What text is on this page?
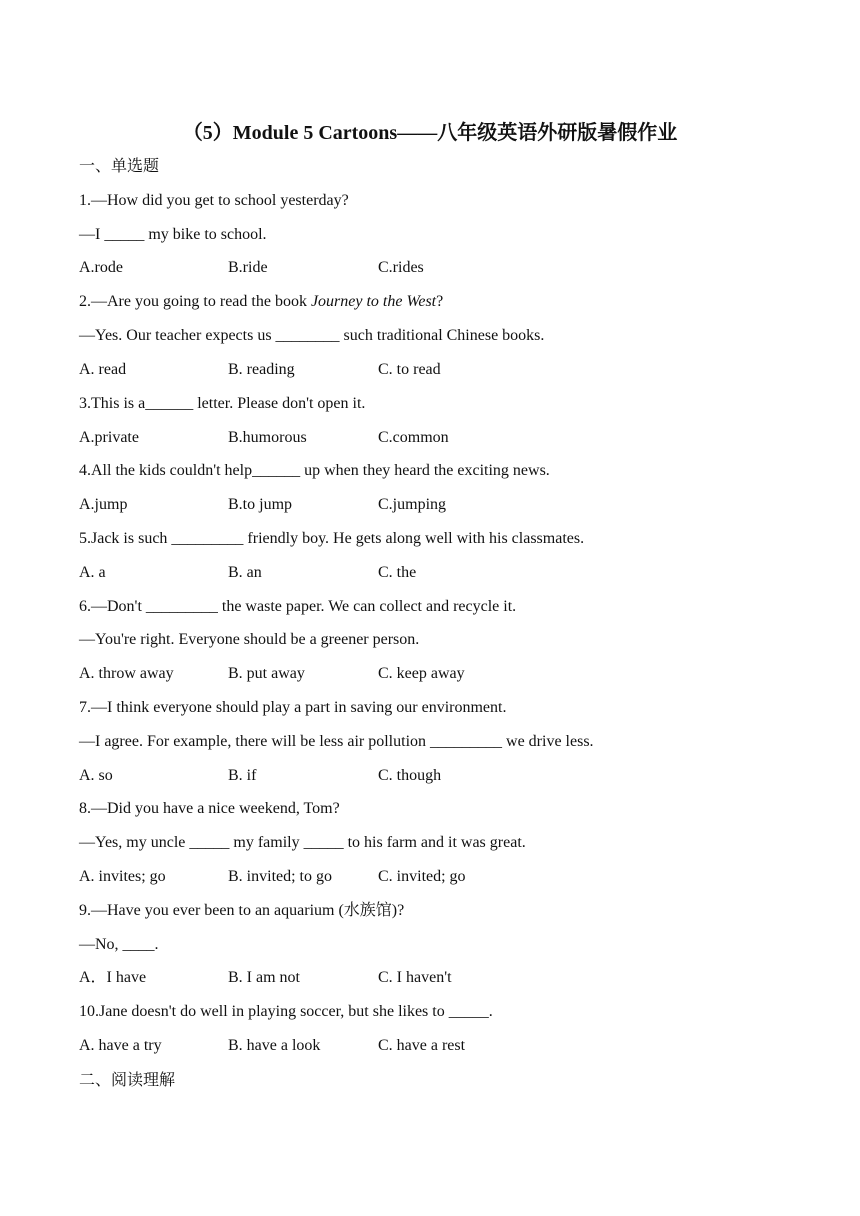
（5）Module 5 Cartoons——八年级英语外研版暑假作业
一、单选题
1.—How did you get to school yesterday?
—I _____ my bike to school.
A.rode	B.ride	C.rides
2.—Are you going to read the book Journey to the West?
—Yes. Our teacher expects us ________ such traditional Chinese books.
A. read	B. reading	C. to read
3.This is a______ letter. Please don't open it.
A.private	B.humorous	C.common
4.All the kids couldn't help______ up when they heard the exciting news.
A.jump	B.to jump	C.jumping
5.Jack is such _________ friendly boy. He gets along well with his classmates.
A. a	B. an	C. the
6.—Don't _________ the waste paper. We can collect and recycle it.
—You're right. Everyone should be a greener person.
A. throw away	B. put away	C. keep away
7.—I think everyone should play a part in saving our environment.
—I agree. For example, there will be less air pollution _________ we drive less.
A. so	B. if	C. though
8.—Did you have a nice weekend, Tom?
—Yes, my uncle _____ my family _____ to his farm and it was great.
A. invites; go	B. invited; to go	C. invited; go
9.—Have you ever been to an aquarium (水族馆)?
—No, ____.
A．I have	B. I am not	C. I haven't
10.Jane doesn't do well in playing soccer, but she likes to _____.
A. have a try	B. have a look	C. have a rest
二、阅读理解
